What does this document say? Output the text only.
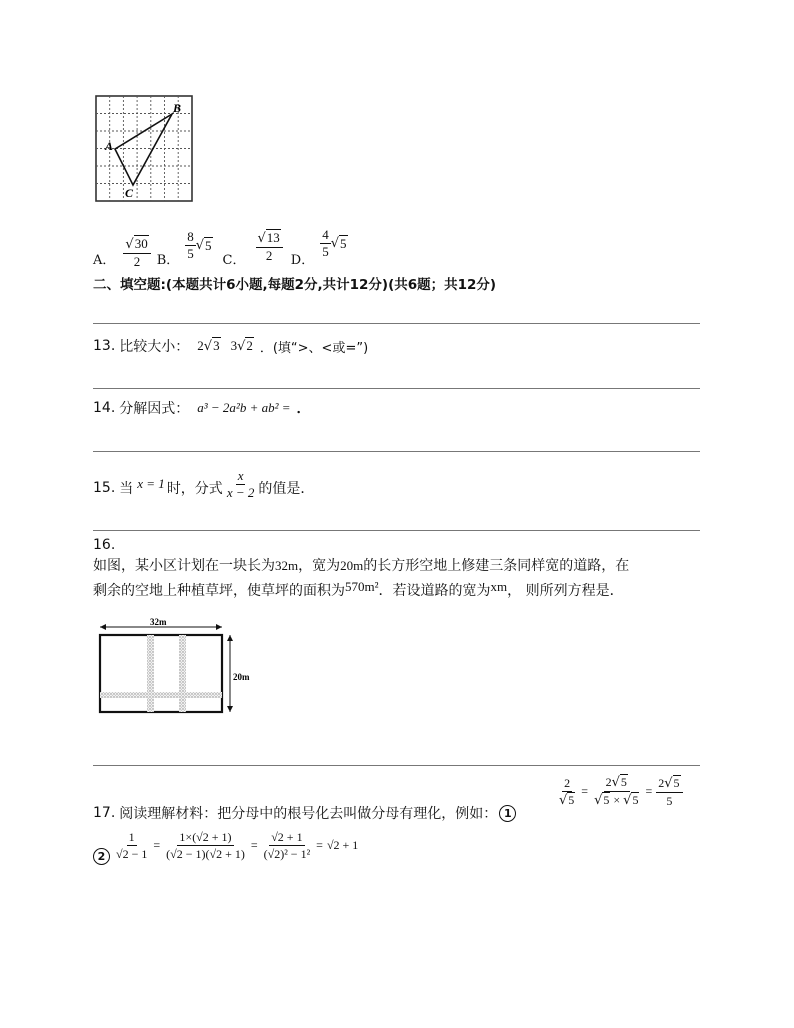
B
A
C
A． $\frac{√30}{2}$ B． $\frac{8}{5}$ √ 5
C． $\frac{√13}{2}$ D．
$\frac{4}{5}$ √ 5
二、填空题:(本题共计6小题,每题2分,共计12分)(共6题；共12分)
13. 比较大小： 2√3 3√2 ．(填“>、<或=”)
14. 分解因式： a³ − 2a²b + ab² = ．
15. 当 x = 1 时，分式 $\frac{x}{x - 2}$ 的值是．
16.
如图，某小区计划在一块长为32m，宽为20m的长方形空地上修建三条同样宽的道路，在
剩余的空地上种植草坪，使草坪的面积为570m²．若设道路的宽为xm， 则所列方程是．
32m
20m
17. 阅读理解材料：把分母中的根号化去叫做分母有理化，例如： 1
$\frac{2}{√5} = \frac{2√5}{√5 \times √5} = \frac{2√5}{5}$
$2 \frac{1}{√2 - 1} = \frac{1\times(√2 + 1)}{(√2 - 1)(√2 + 1)} = \frac{√2 + 1}{\text{(√2)² − 1²}} = √2 + 1$
